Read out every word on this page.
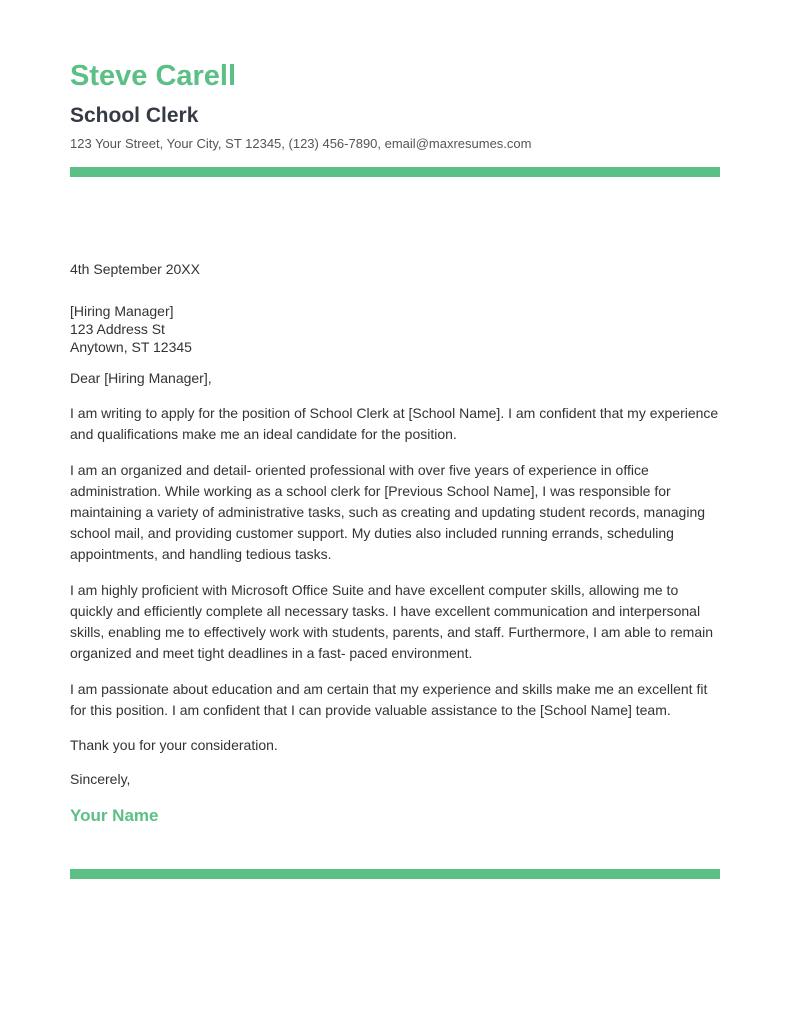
Steve Carell
School Clerk
123 Your Street, Your City, ST 12345, (123) 456-7890, email@maxresumes.com
4th September 20XX
[Hiring Manager]
123 Address St
Anytown, ST 12345
Dear [Hiring Manager],

I am writing to apply for the position of School Clerk at [School Name]. I am confident that my experience and qualifications make me an ideal candidate for the position.

I am an organized and detail- oriented professional with over five years of experience in office administration. While working as a school clerk for [Previous School Name], I was responsible for maintaining a variety of administrative tasks, such as creating and updating student records, managing school mail, and providing customer support. My duties also included running errands, scheduling appointments, and handling tedious tasks.

I am highly proficient with Microsoft Office Suite and have excellent computer skills, allowing me to quickly and efficiently complete all necessary tasks. I have excellent communication and interpersonal skills, enabling me to effectively work with students, parents, and staff. Furthermore, I am able to remain organized and meet tight deadlines in a fast- paced environment.

I am passionate about education and am certain that my experience and skills make me an excellent fit for this position. I am confident that I can provide valuable assistance to the [School Name] team.

Thank you for your consideration.
Sincerely,
Your Name
